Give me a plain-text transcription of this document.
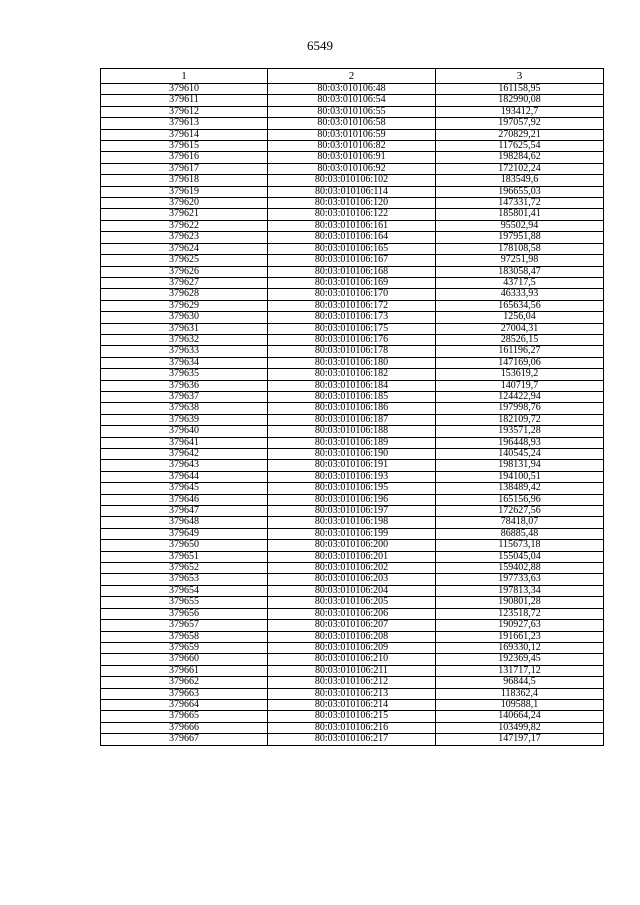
6549
1	2	3
379610	80:03:010106:48	161158,95
379611	80:03:010106:54	182990,08
379612	80:03:010106:55	193412,7
379613	80:03:010106:58	197057,92
379614	80:03:010106:59	270829,21
379615	80:03:010106:82	117625,54
379616	80:03:010106:91	198284,62
379617	80:03:010106:92	172102,24
379618	80:03:010106:102	183549,6
379619	80:03:010106:114	196655,03
379620	80:03:010106:120	147331,72
379621	80:03:010106:122	185801,41
379622	80:03:010106:161	95502,94
379623	80:03:010106:164	197951,88
379624	80:03:010106:165	178108,58
379625	80:03:010106:167	97251,98
379626	80:03:010106:168	183058,47
379627	80:03:010106:169	43717,5
379628	80:03:010106:170	46333,93
379629	80:03:010106:172	165634,56
379630	80:03:010106:173	1256,04
379631	80:03:010106:175	27004,31
379632	80:03:010106:176	28526,15
379633	80:03:010106:178	161196,27
379634	80:03:010106:180	147169,06
379635	80:03:010106:182	153619,2
379636	80:03:010106:184	140719,7
379637	80:03:010106:185	124422,94
379638	80:03:010106:186	197998,76
379639	80:03:010106:187	182109,72
379640	80:03:010106:188	193571,28
379641	80:03:010106:189	196448,93
379642	80:03:010106:190	140545,24
379643	80:03:010106:191	198131,94
379644	80:03:010106:193	194100,51
379645	80:03:010106:195	138489,42
379646	80:03:010106:196	165156,96
379647	80:03:010106:197	172627,56
379648	80:03:010106:198	78418,07
379649	80:03:010106:199	86885,48
379650	80:03:010106:200	115673,18
379651	80:03:010106:201	155045,04
379652	80:03:010106:202	159402,88
379653	80:03:010106:203	197733,63
379654	80:03:010106:204	197813,34
379655	80:03:010106:205	190801,28
379656	80:03:010106:206	123518,72
379657	80:03:010106:207	190927,63
379658	80:03:010106:208	191661,23
379659	80:03:010106:209	169330,12
379660	80:03:010106:210	192369,45
379661	80:03:010106:211	131717,12
379662	80:03:010106:212	96844,5
379663	80:03:010106:213	118362,4
379664	80:03:010106:214	109588,1
379665	80:03:010106:215	140664,24
379666	80:03:010106:216	103499,82
379667	80:03:010106:217	147197,17
